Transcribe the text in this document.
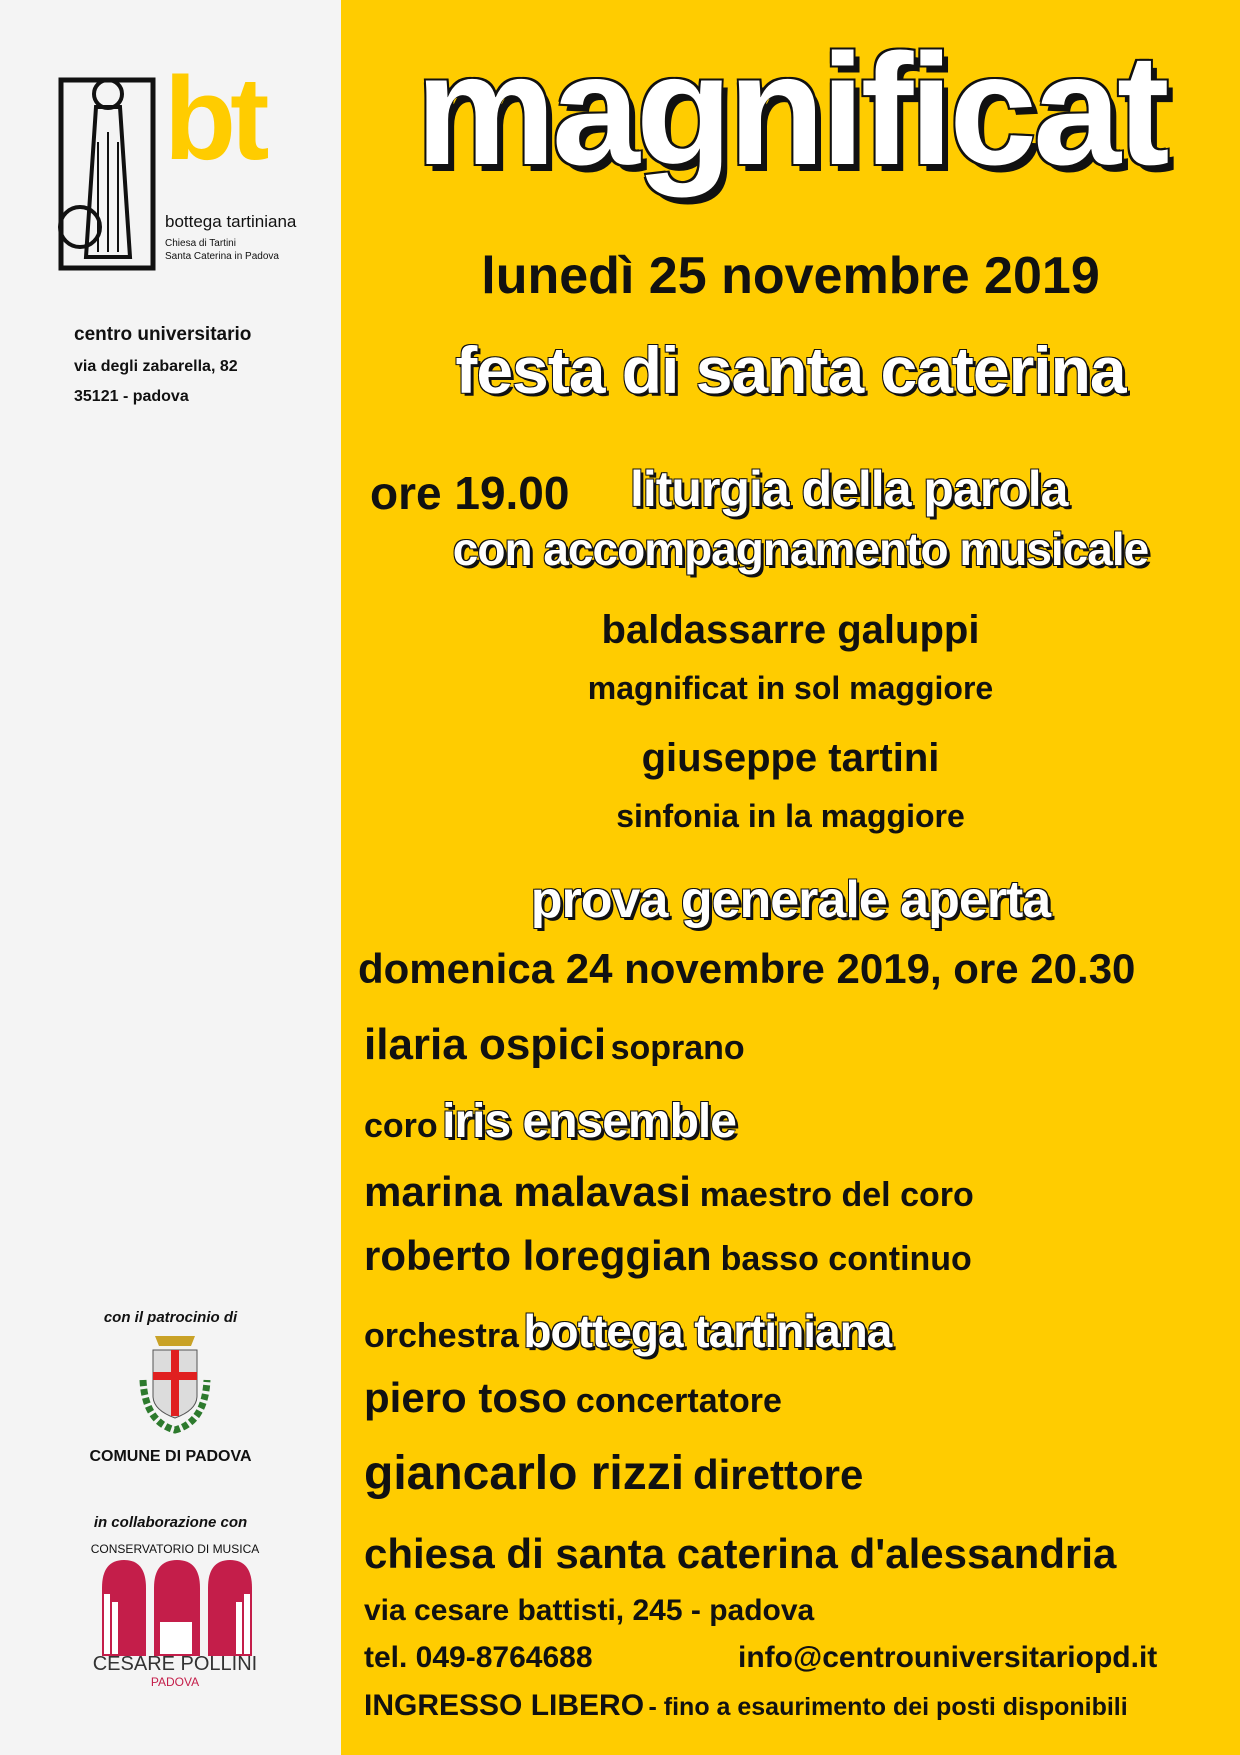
bt
bottega tartiniana
Chiesa di Tartini
Santa Caterina in Padova
centro universitario
via degli zabarella, 82
35121 - padova
con il patrocinio di
COMUNE DI PADOVA
in collaborazione con
CONSERVATORIO DI MUSICA
CESARE POLLINI
PADOVA
magnificat
lunedì 25 novembre 2019
festa di santa caterina
ore 19.00 liturgia della parola
con accompagnamento musicale
baldassarre galuppi
magnificat in sol maggiore
giuseppe tartini
sinfonia in la maggiore
prova generale aperta
domenica 24 novembre 2019, ore 20.30
ilaria ospici soprano
coro iris ensemble
marina malavasi maestro del coro
roberto loreggian basso continuo
orchestra bottega tartiniana
piero toso concertatore
giancarlo rizzi direttore
chiesa di santa caterina d'alessandria
via cesare battisti, 245 - padova
tel. 049-8764688	info@centrouniversitariopd.it
INGRESSO LIBERO - fino a esaurimento dei posti disponibili
